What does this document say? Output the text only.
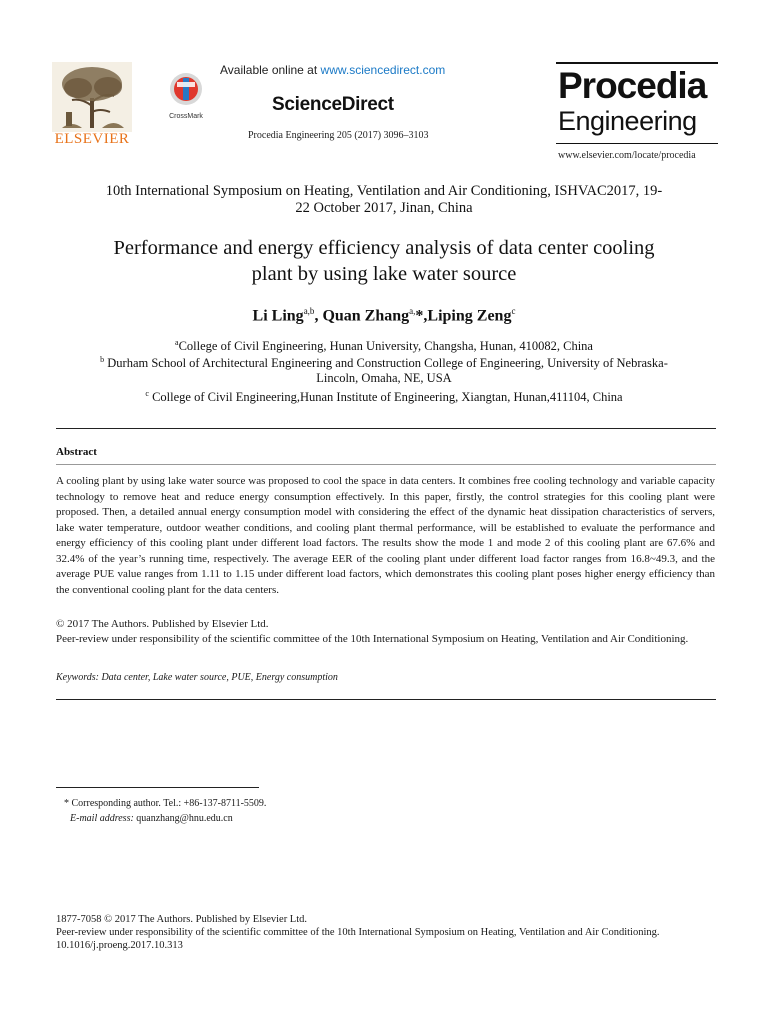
ELSEVIER
CrossMark
Available online at www.sciencedirect.com
ScienceDirect
Procedia Engineering 205 (2017) 3096–3103
Procedia
Engineering
www.elsevier.com/locate/procedia
10th International Symposium on Heating, Ventilation and Air Conditioning, ISHVAC2017, 19-
22 October 2017, Jinan, China
Performance and energy efficiency analysis of data center cooling
plant by using lake water source
Li Ling$^{a,b}$, Quan Zhang$^{a,}$*,Liping Zeng$^c$
$^a$College of Civil Engineering, Hunan University, Changsha, Hunan, 410082, China
$^b$ Durham School of Architectural Engineering and Construction College of Engineering, University of Nebraska-
Lincoln, Omaha, NE, USA
$^c$ College of Civil Engineering,Hunan Institute of Engineering, Xiangtan, Hunan,411104, China
Abstract
A cooling plant by using lake water source was proposed to cool the space in data centers. It combines free cooling technology and variable capacity technology to remove heat and reduce energy consumption effectively. In this paper, firstly, the control strategies for this cooling plant were proposed. Then, a detailed annual energy consumption model with considering the effect of the dynamic heat dissipation characteristics of servers, lake water temperature, outdoor weather conditions, and cooling plant thermal performance, will be established to evaluate the performance and energy efficiency of this cooling plant under different load factors. The results show the mode 1 and mode 2 of this cooling plant are 67.6% and 32.4% of the year’s running time, respectively. The average EER of the cooling plant under different load factor ranges from 16.8~49.3, and the average PUE value ranges from 1.11 to 1.15 under different load factors, which demonstrates this cooling plant poses higher energy efficiency than the conventional cooling plant for the data centers.
© 2017 The Authors. Published by Elsevier Ltd.
Peer-review under responsibility of the scientific committee of the 10th International Symposium on Heating, Ventilation and Air Conditioning.
Keywords: Data center, Lake water source, PUE, Energy consumption
* Corresponding author. Tel.: +86-137-8711-5509.
E-mail address: quanzhang@hnu.edu.cn
1877-7058 © 2017 The Authors. Published by Elsevier Ltd.
Peer-review under responsibility of the scientific committee of the 10th International Symposium on Heating, Ventilation and Air Conditioning.
10.1016/j.proeng.2017.10.313
